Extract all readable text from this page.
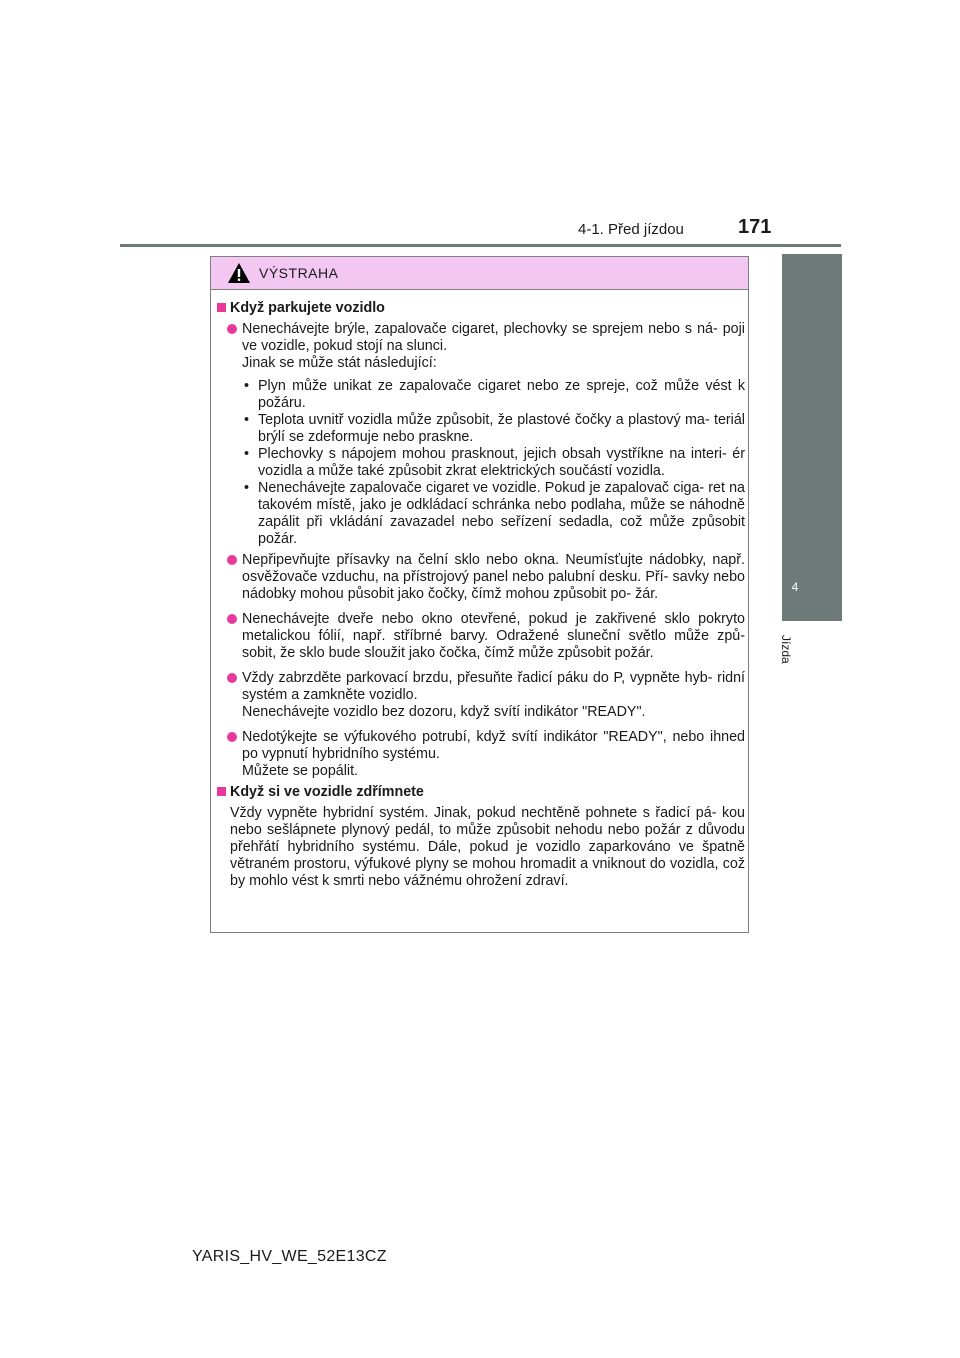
4-1. Před jízdou	171
4
Jízda
VÝSTRAHA
Když parkujete vozidlo
Nenechávejte brýle, zapalovače cigaret, plechovky se sprejem nebo s ná- poji ve vozidle, pokud stojí na slunci.
Jinak se může stát následující:
• Plyn může unikat ze zapalovače cigaret nebo ze spreje, což může vést k požáru.
• Teplota uvnitř vozidla může způsobit, že plastové čočky a plastový ma- teriál brýlí se zdeformuje nebo praskne.
• Plechovky s nápojem mohou prasknout, jejich obsah vystříkne na interi- ér vozidla a může také způsobit zkrat elektrických součástí vozidla.
• Nenechávejte zapalovače cigaret ve vozidle. Pokud je zapalovač ciga- ret na takovém místě, jako je odkládací schránka nebo podlaha, může se náhodně zapálit při vkládání zavazadel nebo seřízení sedadla, což může způsobit požár.
Nepřipevňujte přísavky na čelní sklo nebo okna. Neumísťujte nádobky, např. osvěžovače vzduchu, na přístrojový panel nebo palubní desku. Pří- savky nebo nádobky mohou působit jako čočky, čímž mohou způsobit po- žár.
Nenechávejte dveře nebo okno otevřené, pokud je zakřivené sklo pokryto metalickou fólií, např. stříbrné barvy. Odražené sluneční světlo může způ- sobit, že sklo bude sloužit jako čočka, čímž může způsobit požár.
Vždy zabrzděte parkovací brzdu, přesuňte řadicí páku do P, vypněte hyb- ridní systém a zamkněte vozidlo.
Nenechávejte vozidlo bez dozoru, když svítí indikátor "READY".
Nedotýkejte se výfukového potrubí, když svítí indikátor "READY", nebo ihned po vypnutí hybridního systému.
Můžete se popálit.
Když si ve vozidle zdřímnete
Vždy vypněte hybridní systém. Jinak, pokud nechtěně pohnete s řadicí pá- kou nebo sešlápnete plynový pedál, to může způsobit nehodu nebo požár z důvodu přehřátí hybridního systému. Dále, pokud je vozidlo zaparkováno ve špatně větraném prostoru, výfukové plyny se mohou hromadit a vniknout do vozidla, což by mohlo vést k smrti nebo vážnému ohrožení zdraví.
YARIS_HV_WE_52E13CZ
